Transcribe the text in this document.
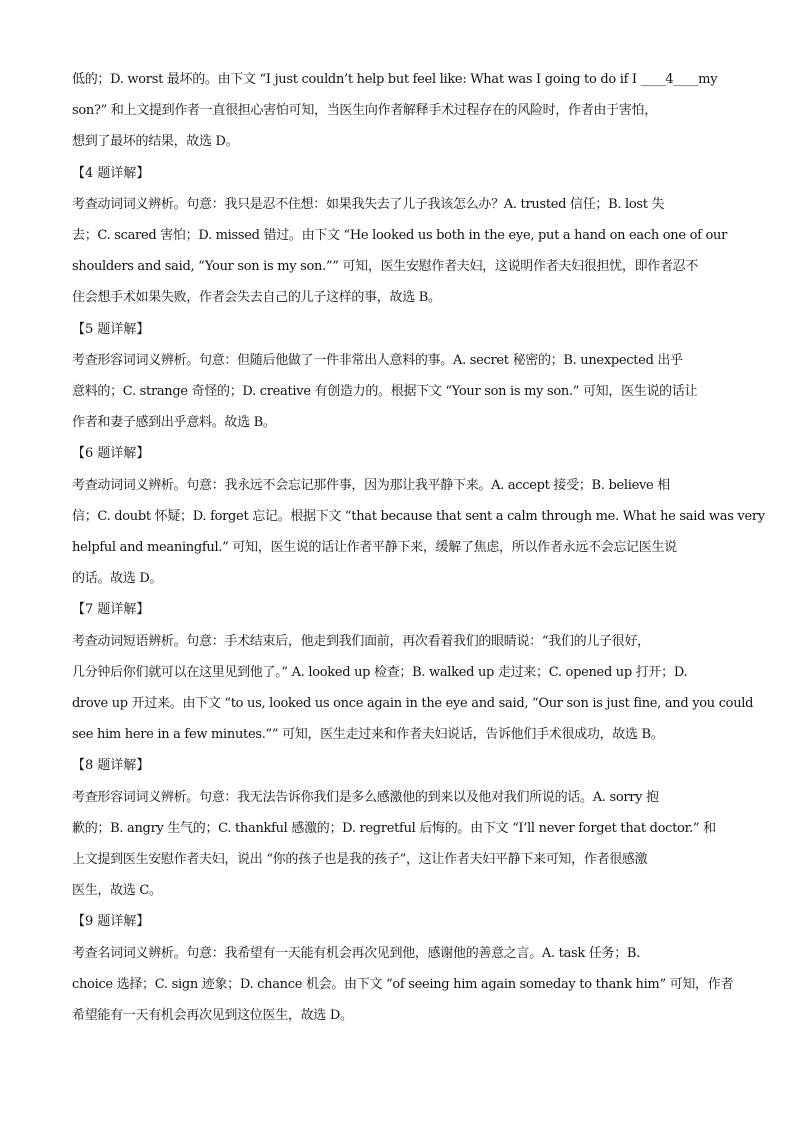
低的；D. worst 最坏的。由下文 “I just couldn’t help but feel like: What was I going to do if I ____4____my
son?” 和上文提到作者一直很担心害怕可知，当医生向作者解释手术过程存在的风险时，作者由于害怕，
想到了最坏的结果，故选 D。
【4 题详解】
考查动词词义辨析。句意：我只是忍不住想：如果我失去了儿子我该怎么办？A. trusted 信任；B. lost 失
去；C. scared 害怕；D. missed 错过。由下文 “He looked us both in the eye, put a hand on each one of our
shoulders and said, “Your son is my son.”” 可知，医生安慰作者夫妇，这说明作者夫妇很担忧，即作者忍不
住会想手术如果失败，作者会失去自己的儿子这样的事，故选 B。
【5 题详解】
考查形容词词义辨析。句意：但随后他做了一件非常出人意料的事。A. secret 秘密的；B. unexpected 出乎
意料的；C. strange 奇怪的；D. creative 有创造力的。根据下文 “Your son is my son.” 可知，医生说的话让
作者和妻子感到出乎意料。故选 B。
【6 题详解】
考查动词词义辨析。句意：我永远不会忘记那件事，因为那让我平静下来。A. accept 接受；B. believe 相
信；C. doubt 怀疑；D. forget 忘记。根据下文 “that because that sent a calm through me. What he said was very
helpful and meaningful.” 可知，医生说的话让作者平静下来，缓解了焦虑，所以作者永远不会忘记医生说
的话。故选 D。
【7 题详解】
考查动词短语辨析。句意：手术结束后，他走到我们面前，再次看着我们的眼睛说：“我们的儿子很好，
几分钟后你们就可以在这里见到他了。” A. looked up 检查；B. walked up 走过来；C. opened up 打开；D.
drove up 开过来。由下文 “to us, looked us once again in the eye and said, “Our son is just fine, and you could
see him here in a few minutes.”” 可知，医生走过来和作者夫妇说话，告诉他们手术很成功，故选 B。
【8 题详解】
考查形容词词义辨析。句意：我无法告诉你我们是多么感激他的到来以及他对我们所说的话。A. sorry 抱
歉的；B. angry 生气的；C. thankful 感激的；D. regretful 后悔的。由下文 “I’ll never forget that doctor.” 和
上文提到医生安慰作者夫妇，说出 “你的孩子也是我的孩子”，这让作者夫妇平静下来可知，作者很感激
医生，故选 C。
【9 题详解】
考查名词词义辨析。句意：我希望有一天能有机会再次见到他，感谢他的善意之言。A. task 任务；B.
choice 选择；C. sign 迹象；D. chance 机会。由下文 “of seeing him again someday to thank him” 可知，作者
希望能有一天有机会再次见到这位医生，故选 D。
